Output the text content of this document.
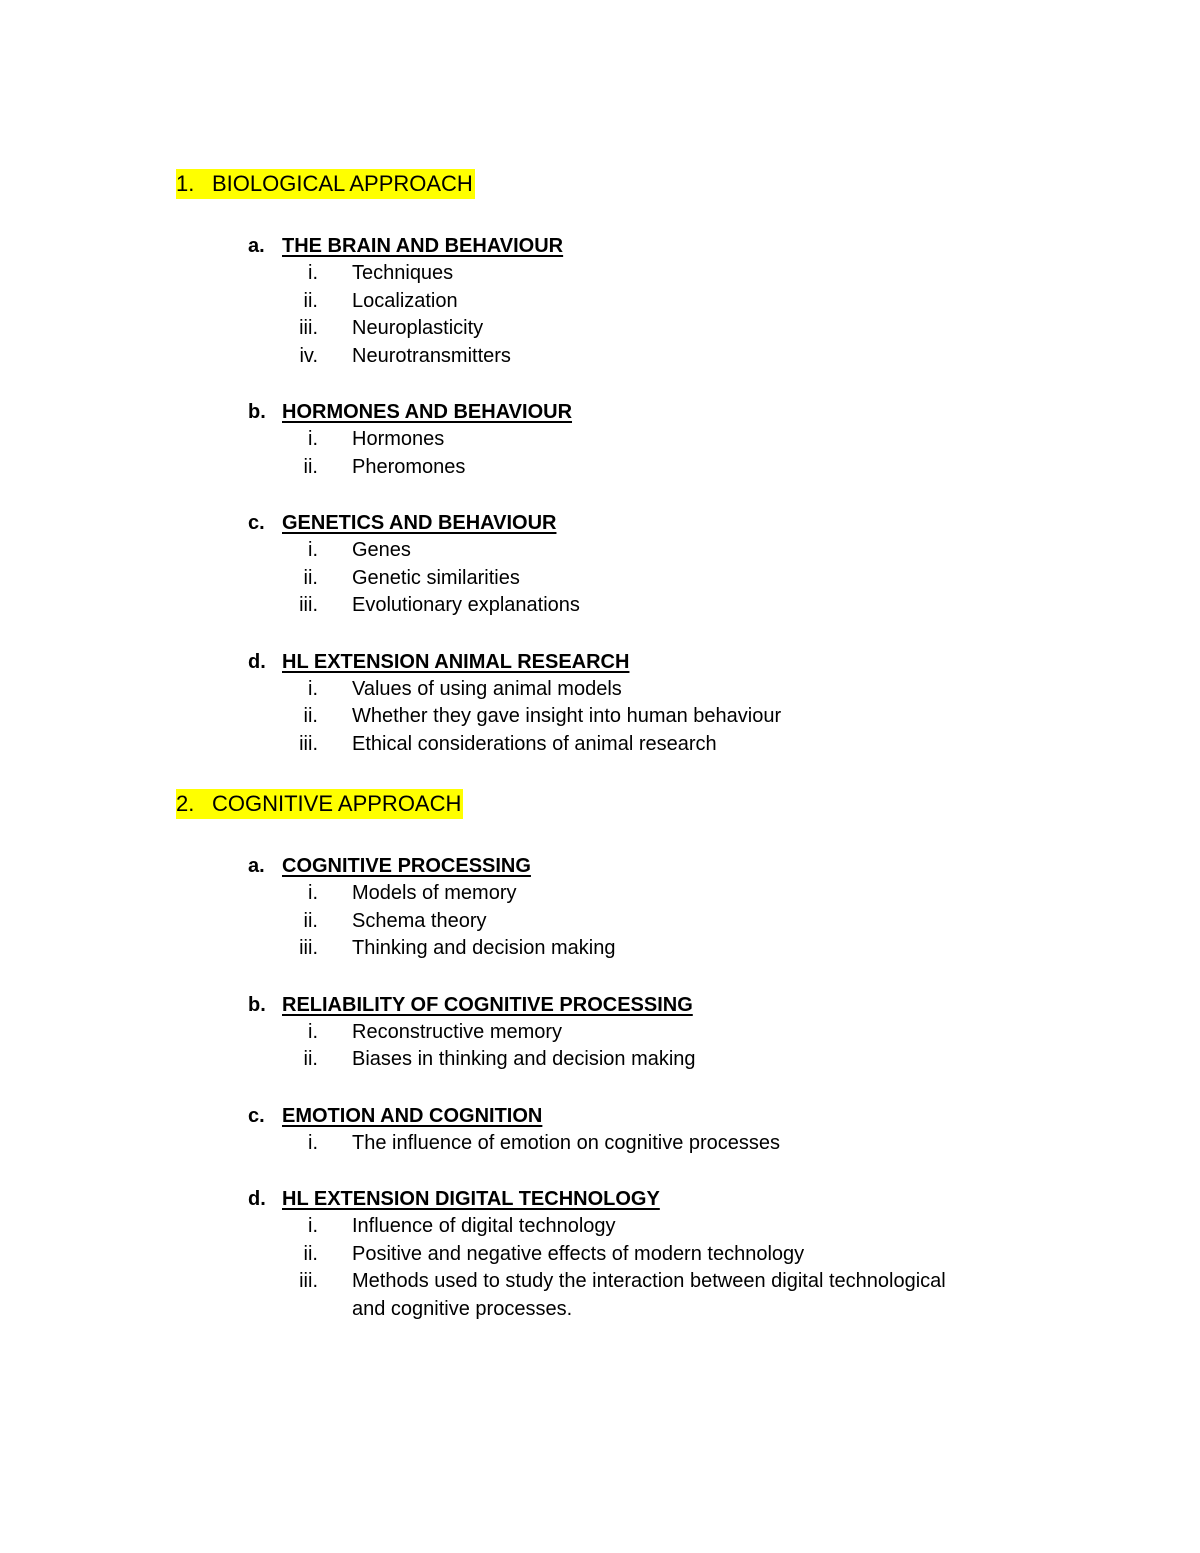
1. BIOLOGICAL APPROACH
a. THE BRAIN AND BEHAVIOUR
i. Techniques
ii. Localization
iii. Neuroplasticity
iv. Neurotransmitters
b. HORMONES AND BEHAVIOUR
i. Hormones
ii. Pheromones
c. GENETICS AND BEHAVIOUR
i. Genes
ii. Genetic similarities
iii. Evolutionary explanations
d. HL EXTENSION ANIMAL RESEARCH
i. Values of using animal models
ii. Whether they gave insight into human behaviour
iii. Ethical considerations of animal research
2. COGNITIVE APPROACH
a. COGNITIVE PROCESSING
i. Models of memory
ii. Schema theory
iii. Thinking and decision making
b. RELIABILITY OF COGNITIVE PROCESSING
i. Reconstructive memory
ii. Biases in thinking and decision making
c. EMOTION AND COGNITION
i. The influence of emotion on cognitive processes
d. HL EXTENSION DIGITAL TECHNOLOGY
i. Influence of digital technology
ii. Positive and negative effects of modern technology
iii. Methods used to study the interaction between digital technological and cognitive processes.
